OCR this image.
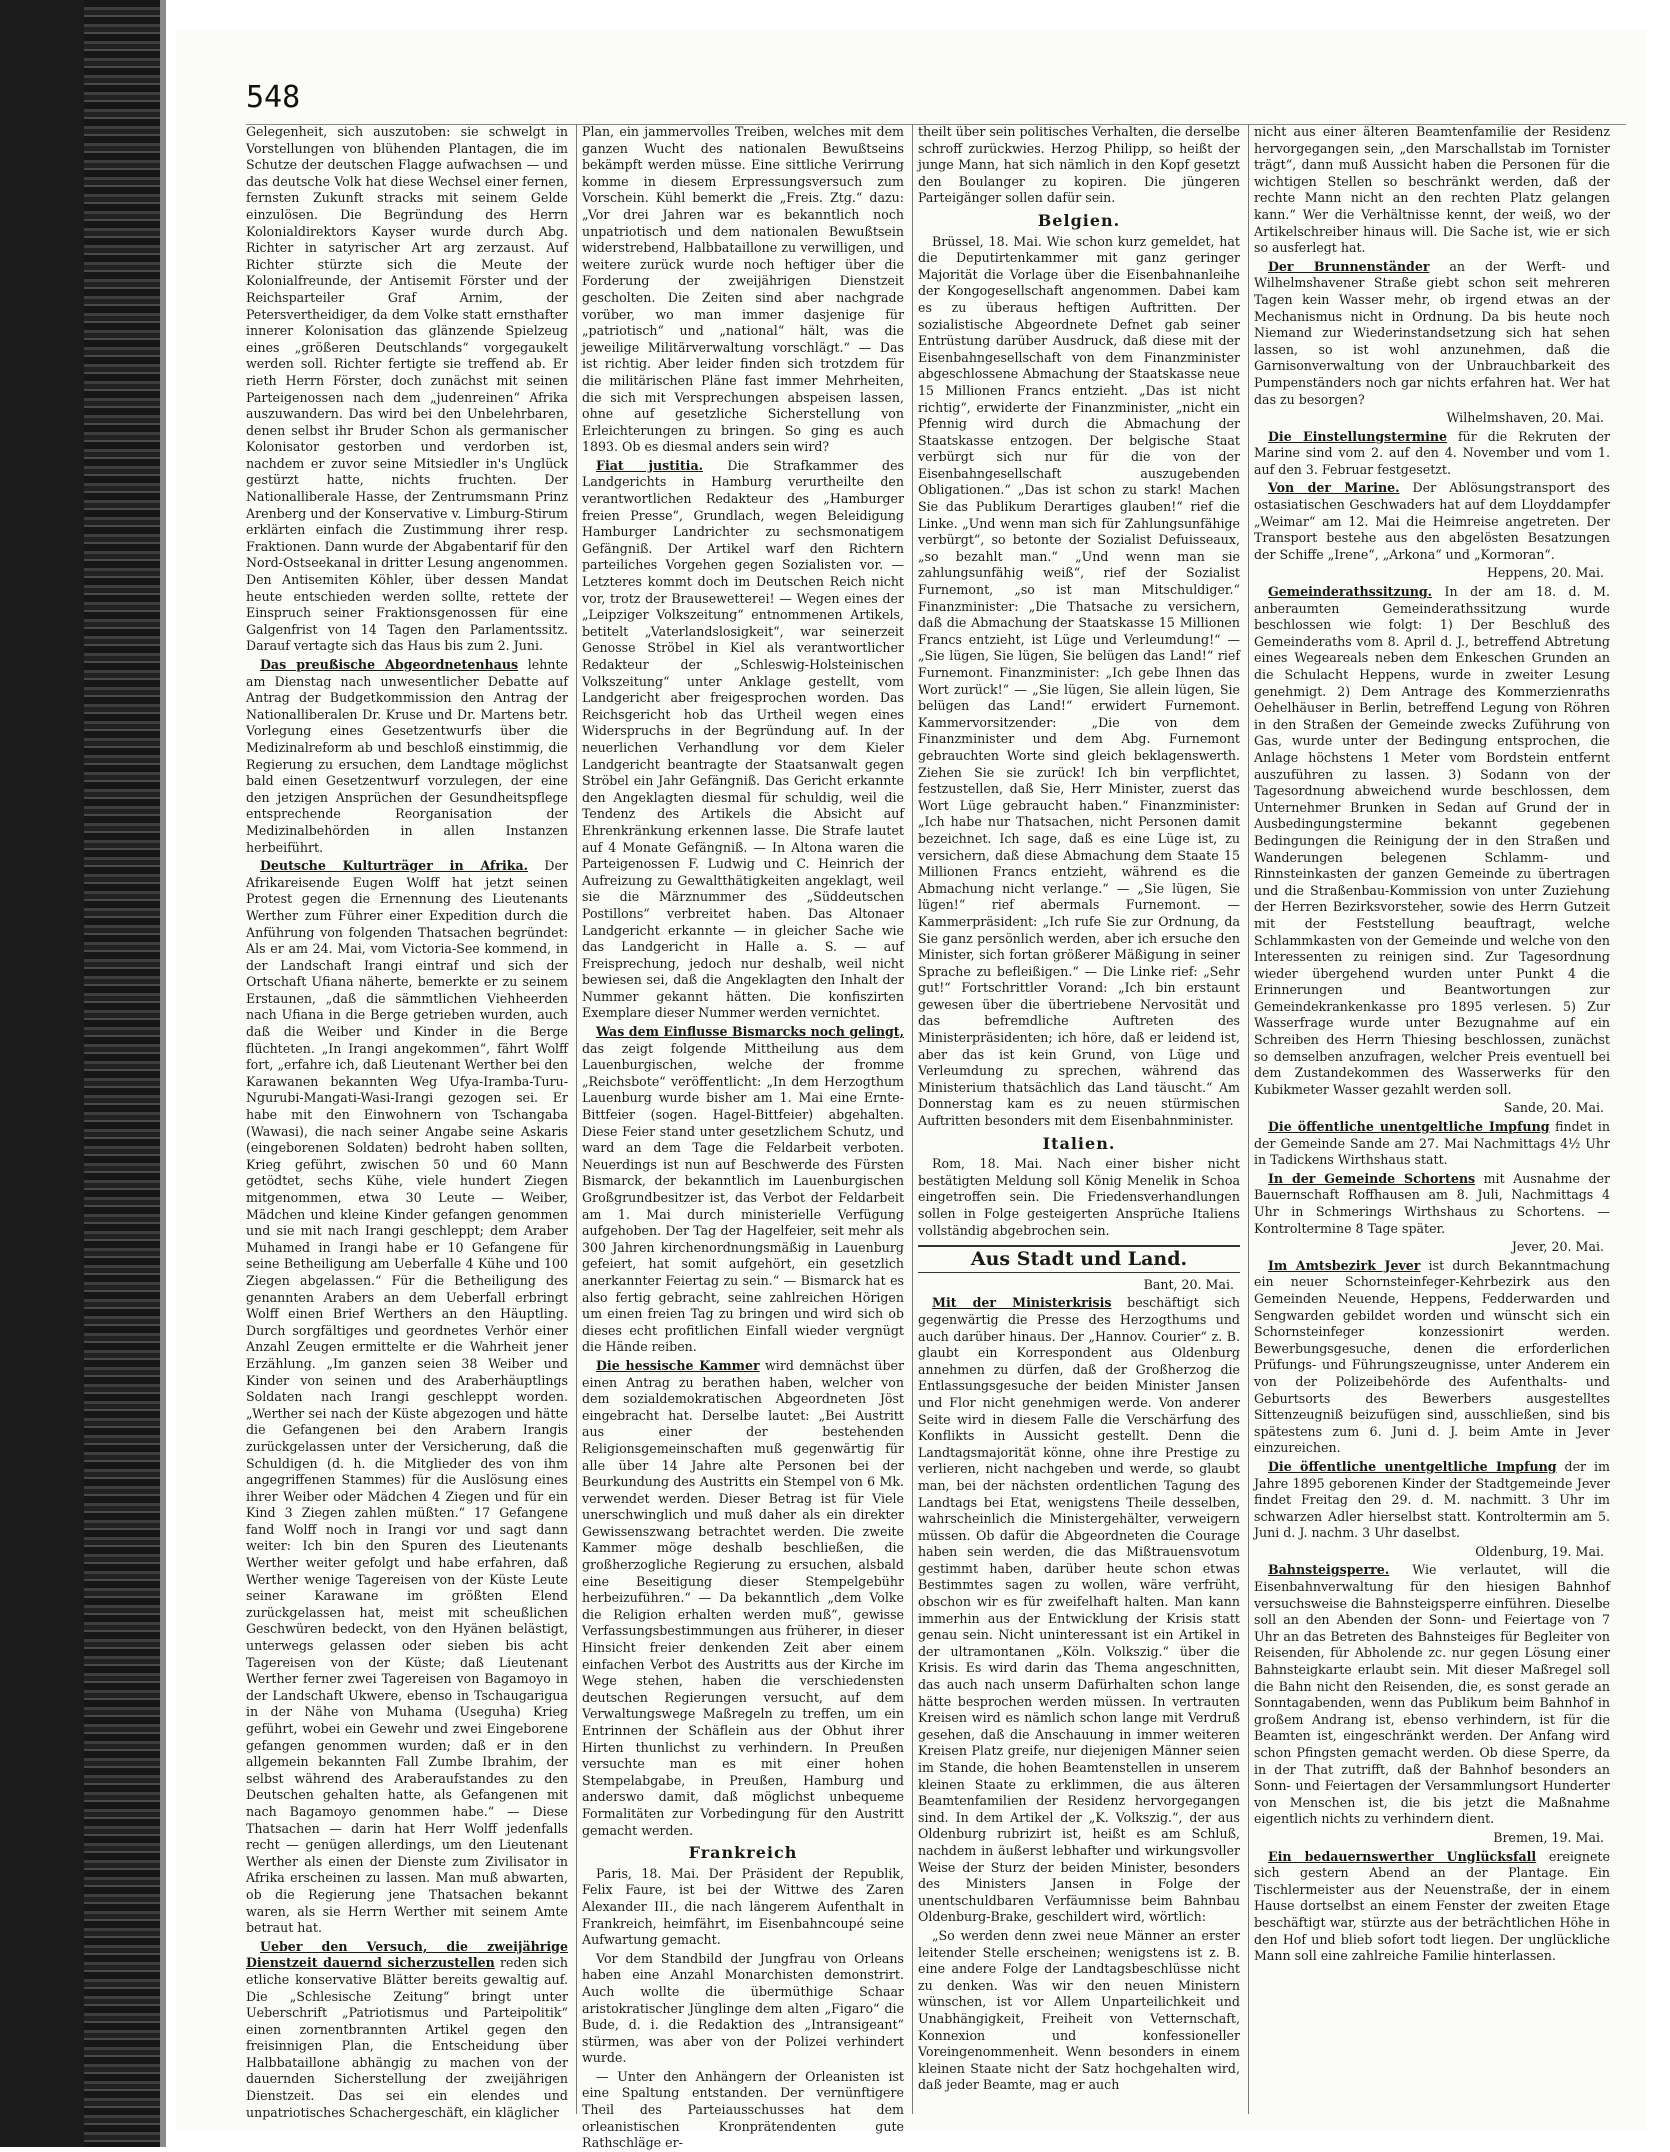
548

Gelegenheit, sich auszutoben: sie schwelgt in Vorstellungen von blühenden Plantagen, die im Schutze der deutschen Flagge aufwachsen — und das deutsche Volk hat diese Wechsel einer fernen, fernsten Zukunft stracks mit seinem Gelde einzulösen. Die Begründung des Herrn Kolonialdirektors Kayser wurde durch Abg. Richter in satyrischer Art arg zerzaust. Auf Richter stürzte sich die Meute der Kolonialfreunde, der Antisemit Förster und der Reichsparteiler Graf Arnim, der Petersvertheidiger, da dem Volke statt ernsthafter innerer Kolonisation das glänzende Spielzeug eines „größeren Deutschlands“ vorgegaukelt werden soll. Richter fertigte sie treffend ab. Er rieth Herrn Förster, doch zunächst mit seinen Parteigenossen nach dem „judenreinen“ Afrika auszuwandern. Das wird bei den Unbelehrbaren, denen selbst ihr Bruder Schon als germanischer Kolonisator gestorben und verdorben ist, nachdem er zuvor seine Mitsiedler in's Unglück gestürzt hatte, nichts fruchten. Der Nationalliberale Hasse, der Zentrumsmann Prinz Arenberg und der Konservative v. Limburg-Stirum erklärten einfach die Zustimmung ihrer resp. Fraktionen. Dann wurde der Abgabentarif für den Nord-Ostseekanal in dritter Lesung angenommen. Den Antisemiten Köhler, über dessen Mandat heute entschieden werden sollte, rettete der Einspruch seiner Fraktionsgenossen für eine Galgenfrist von 14 Tagen den Parlamentssitz. Darauf vertagte sich das Haus bis zum 2. Juni.

Das preußische Abgeordnetenhaus lehnte am Dienstag nach unwesentlicher Debatte auf Antrag der Budgetkommission den Antrag der Nationalliberalen Dr. Kruse und Dr. Martens betr. Vorlegung eines Gesetzentwurfs über die Medizinalreform ab und beschloß einstimmig, die Regierung zu ersuchen, dem Landtage möglichst bald einen Gesetzentwurf vorzulegen, der eine den jetzigen Ansprüchen der Gesundheitspflege entsprechende Reorganisation der Medizinalbehörden in allen Instanzen herbeiführt.

Deutsche Kulturträger in Afrika. Der Afrikareisende Eugen Wolff hat jetzt seinen Protest gegen die Ernennung des Lieutenants Werther zum Führer einer Expedition durch die Anführung von folgenden Thatsachen begründet: Als er am 24. Mai, vom Victoria-See kommend, in der Landschaft Irangi eintraf und sich der Ortschaft Ufiana näherte, bemerkte er zu seinem Erstaunen, „daß die sämmtlichen Viehheerden nach Ufiana in die Berge getrieben wurden, auch daß die Weiber und Kinder in die Berge flüchteten. „In Irangi angekommen“, fährt Wolff fort, „erfahre ich, daß Lieutenant Werther bei den Karawanen bekannten Weg Ufya-Iramba-Turu-Ngurubi-Mangati-Wasi-Irangi gezogen sei. Er habe mit den Einwohnern von Tschangaba (Wawasi), die nach seiner Angabe seine Askaris (eingeborenen Soldaten) bedroht haben sollten, Krieg geführt, zwischen 50 und 60 Mann getödtet, sechs Kühe, viele hundert Ziegen mitgenommen, etwa 30 Leute — Weiber, Mädchen und kleine Kinder gefangen genommen und sie mit nach Irangi geschleppt; dem Araber Muhamed in Irangi habe er 10 Gefangene für seine Betheiligung am Ueberfalle 4 Kühe und 100 Ziegen abgelassen.“ Für die Betheiligung des genannten Arabers an dem Ueberfall erbringt Wolff einen Brief Werthers an den Häuptling. Durch sorgfältiges und geordnetes Verhör einer Anzahl Zeugen ermittelte er die Wahrheit jener Erzählung. „Im ganzen seien 38 Weiber und Kinder von seinen und des Araberhäuptlings Soldaten nach Irangi geschleppt worden. „Werther sei nach der Küste abgezogen und hätte die Gefangenen bei den Arabern Irangis zurückgelassen unter der Versicherung, daß die Schuldigen (d. h. die Mitglieder des von ihm angegriffenen Stammes) für die Auslösung eines ihrer Weiber oder Mädchen 4 Ziegen und für ein Kind 3 Ziegen zahlen müßten.“ 17 Gefangene fand Wolff noch in Irangi vor und sagt dann weiter: Ich bin den Spuren des Lieutenants Werther weiter gefolgt und habe erfahren, daß Werther wenige Tagereisen von der Küste Leute seiner Karawane im größten Elend zurückgelassen hat, meist mit scheußlichen Geschwüren bedeckt, von den Hyänen belästigt, unterwegs gelassen oder sieben bis acht Tagereisen von der Küste; daß Lieutenant Werther ferner zwei Tagereisen von Bagamoyo in der Landschaft Ukwere, ebenso in Tschaugarigua in der Nähe von Muhama (Useguha) Krieg geführt, wobei ein Gewehr und zwei Eingeborene gefangen genommen wurden; daß er in den allgemein bekannten Fall Zumbe Ibrahim, der selbst während des Araberaufstandes zu den Deutschen gehalten hatte, als Gefangenen mit nach Bagamoyo genommen habe.“ — Diese Thatsachen — darin hat Herr Wolff jedenfalls recht — genügen allerdings, um den Lieutenant Werther als einen der Dienste zum Zivilisator in Afrika erscheinen zu lassen. Man muß abwarten, ob die Regierung jene Thatsachen bekannt waren, als sie Herrn Werther mit seinem Amte betraut hat.

Ueber den Versuch, die zweijährige Dienstzeit dauernd sicherzustellen reden sich etliche konservative Blätter bereits gewaltig auf. Die „Schlesische Zeitung“ bringt unter Ueberschrift „Patriotismus und Parteipolitik“ einen zornentbrannten Artikel gegen den freisinnigen Plan, die Entscheidung über Halbbataillone abhängig zu machen von der dauernden Sicherstellung der zweijährigen Dienstzeit. Das sei ein elendes und unpatriotisches Schachergeschäft, ein kläglicher

Plan, ein jammervolles Treiben, welches mit dem ganzen Wucht des nationalen Bewußtseins bekämpft werden müsse. Eine sittliche Verirrung komme in diesem Erpressungsversuch zum Vorschein. Kühl bemerkt die „Freis. Ztg.“ dazu: „Vor drei Jahren war es bekanntlich noch unpatriotisch und dem nationalen Bewußtsein widerstrebend, Halbbataillone zu verwilligen, und weitere zurück wurde noch heftiger über die Forderung der zweijährigen Dienstzeit gescholten. Die Zeiten sind aber nachgrade vorüber, wo man immer dasjenige für „patriotisch“ und „national“ hält, was die jeweilige Militärverwaltung vorschlägt.“ — Das ist richtig. Aber leider finden sich trotzdem für die militärischen Pläne fast immer Mehrheiten, die sich mit Versprechungen abspeisen lassen, ohne auf gesetzliche Sicherstellung von Erleichterungen zu bringen. So ging es auch 1893. Ob es diesmal anders sein wird?

Fiat justitia. Die Strafkammer des Landgerichts in Hamburg verurtheilte den verantwortlichen Redakteur des „Hamburger freien Presse“, Grundlach, wegen Beleidigung Hamburger Landrichter zu sechsmonatigem Gefängniß. Der Artikel warf den Richtern parteiliches Vorgehen gegen Sozialisten vor. — Letzteres kommt doch im Deutschen Reich nicht vor, trotz der Brausewetterei! — Wegen eines der „Leipziger Volkszeitung“ entnommenen Artikels, betitelt „Vaterlandslosigkeit“, war seinerzeit Genosse Ströbel in Kiel als verantwortlicher Redakteur der „Schleswig-Holsteinischen Volkszeitung“ unter Anklage gestellt, vom Landgericht aber freigesprochen worden. Das Reichsgericht hob das Urtheil wegen eines Widerspruchs in der Begründung auf. In der neuerlichen Verhandlung vor dem Kieler Landgericht beantragte der Staatsanwalt gegen Ströbel ein Jahr Gefängniß. Das Gericht erkannte den Angeklagten diesmal für schuldig, weil die Tendenz des Artikels die Absicht auf Ehrenkränkung erkennen lasse. Die Strafe lautet auf 4 Monate Gefängniß. — In Altona waren die Parteigenossen F. Ludwig und C. Heinrich der Aufreizung zu Gewaltthätigkeiten angeklagt, weil sie die Märznummer des „Süddeutschen Postillons“ verbreitet haben. Das Altonaer Landgericht erkannte — in gleicher Sache wie das Landgericht in Halle a. S. — auf Freisprechung, jedoch nur deshalb, weil nicht bewiesen sei, daß die Angeklagten den Inhalt der Nummer gekannt hätten. Die konfiszirten Exemplare dieser Nummer werden vernichtet.

Was dem Einflusse Bismarcks noch gelingt, das zeigt folgende Mittheilung aus dem Lauenburgischen, welche der fromme „Reichsbote“ veröffentlicht: „In dem Herzogthum Lauenburg wurde bisher am 1. Mai eine Ernte-Bittfeier (sogen. Hagel-Bittfeier) abgehalten. Diese Feier stand unter gesetzlichem Schutz, und ward an dem Tage die Feldarbeit verboten. Neuerdings ist nun auf Beschwerde des Fürsten Bismarck, der bekanntlich im Lauenburgischen Großgrundbesitzer ist, das Verbot der Feldarbeit am 1. Mai durch ministerielle Verfügung aufgehoben. Der Tag der Hagelfeier, seit mehr als 300 Jahren kirchenordnungsmäßig in Lauenburg gefeiert, hat somit aufgehört, ein gesetzlich anerkannter Feiertag zu sein.“ — Bismarck hat es also fertig gebracht, seine zahlreichen Hörigen um einen freien Tag zu bringen und wird sich ob dieses echt profitlichen Einfall wieder vergnügt die Hände reiben.

Die hessische Kammer wird demnächst über einen Antrag zu berathen haben, welcher von dem sozialdemokratischen Abgeordneten Jöst eingebracht hat. Derselbe lautet: „Bei Austritt aus einer der bestehenden Religionsgemeinschaften muß gegenwärtig für alle über 14 Jahre alte Personen bei der Beurkundung des Austritts ein Stempel von 6 Mk. verwendet werden. Dieser Betrag ist für Viele unerschwinglich und muß daher als ein direkter Gewissenszwang betrachtet werden. Die zweite Kammer möge deshalb beschließen, die großherzogliche Regierung zu ersuchen, alsbald eine Beseitigung dieser Stempelgebühr herbeizuführen.“ — Da bekanntlich „dem Volke die Religion erhalten werden muß“, gewisse Verfassungsbestimmungen aus früherer, in dieser Hinsicht freier denkenden Zeit aber einem einfachen Verbot des Austritts aus der Kirche im Wege stehen, haben die verschiedensten deutschen Regierungen versucht, auf dem Verwaltungswege Maßregeln zu treffen, um ein Entrinnen der Schäflein aus der Obhut ihrer Hirten thunlichst zu verhindern. In Preußen versuchte man es mit einer hohen Stempelabgabe, in Preußen, Hamburg und anderswo damit, daß möglichst unbequeme Formalitäten zur Vorbedingung für den Austritt gemacht werden.

Frankreich

Paris, 18. Mai. Der Präsident der Republik, Felix Faure, ist bei der Wittwe des Zaren Alexander III., die nach längerem Aufenthalt in Frankreich, heimfährt, im Eisenbahncoupé seine Aufwartung gemacht.

Vor dem Standbild der Jungfrau von Orleans haben eine Anzahl Monarchisten demonstrirt. Auch wollte die übermüthige Schaar aristokratischer Jünglinge dem alten „Figaro“ die Bude, d. i. die Redaktion des „Intransigeant“ stürmen, was aber von der Polizei verhindert wurde.

— Unter den Anhängern der Orleanisten ist eine Spaltung entstanden. Der vernünftigere Theil des Parteiausschusses hat dem orleanistischen Kronprätendenten gute Rathschläge er-

theilt über sein politisches Verhalten, die derselbe schroff zurückwies. Herzog Philipp, so heißt der junge Mann, hat sich nämlich in den Kopf gesetzt den Boulanger zu kopiren. Die jüngeren Parteigänger sollen dafür sein.

Belgien.

Brüssel, 18. Mai. Wie schon kurz gemeldet, hat die Deputirtenkammer mit ganz geringer Majorität die Vorlage über die Eisenbahnanleihe der Kongogesellschaft angenommen. Dabei kam es zu überaus heftigen Auftritten. Der sozialistische Abgeordnete Defnet gab seiner Entrüstung darüber Ausdruck, daß diese mit der Eisenbahngesellschaft von dem Finanzminister abgeschlossene Abmachung der Staatskasse neue 15 Millionen Francs entzieht. „Das ist nicht richtig“, erwiderte der Finanzminister, „nicht ein Pfennig wird durch die Abmachung der Staatskasse entzogen. Der belgische Staat verbürgt sich nur für die von der Eisenbahngesellschaft auszugebenden Obligationen.“ „Das ist schon zu stark! Machen Sie das Publikum Derartiges glauben!“ rief die Linke. „Und wenn man sich für Zahlungsunfähige verbürgt“, so betonte der Sozialist Defuisseaux, „so bezahlt man.“ „Und wenn man sie zahlungsunfähig weiß“, rief der Sozialist Furnemont, „so ist man Mitschuldiger.“ Finanzminister: „Die Thatsache zu versichern, daß die Abmachung der Staatskasse 15 Millionen Francs entzieht, ist Lüge und Verleumdung!“ — „Sie lügen, Sie lügen, Sie belügen das Land!“ rief Furnemont. Finanzminister: „Ich gebe Ihnen das Wort zurück!“ — „Sie lügen, Sie allein lügen, Sie belügen das Land!“ erwidert Furnemont. Kammervorsitzender: „Die von dem Finanzminister und dem Abg. Furnemont gebrauchten Worte sind gleich beklagenswerth. Ziehen Sie sie zurück! Ich bin verpflichtet, festzustellen, daß Sie, Herr Minister, zuerst das Wort Lüge gebraucht haben.“ Finanzminister: „Ich habe nur Thatsachen, nicht Personen damit bezeichnet. Ich sage, daß es eine Lüge ist, zu versichern, daß diese Abmachung dem Staate 15 Millionen Francs entzieht, während es die Abmachung nicht verlange.“ — „Sie lügen, Sie lügen!“ rief abermals Furnemont. — Kammerpräsident: „Ich rufe Sie zur Ordnung, da Sie ganz persönlich werden, aber ich ersuche den Minister, sich fortan größerer Mäßigung in seiner Sprache zu befleißigen.“ — Die Linke rief: „Sehr gut!“ Fortschrittler Vorand: „Ich bin erstaunt gewesen über die übertriebene Nervosität und das befremdliche Auftreten des Ministerpräsidenten; ich höre, daß er leidend ist, aber das ist kein Grund, von Lüge und Verleumdung zu sprechen, während das Ministerium thatsächlich das Land täuscht.“ Am Donnerstag kam es zu neuen stürmischen Auftritten besonders mit dem Eisenbahnminister.

Italien.

Rom, 18. Mai. Nach einer bisher nicht bestätigten Meldung soll König Menelik in Schoa eingetroffen sein. Die Friedensverhandlungen sollen in Folge gesteigerten Ansprüche Italiens vollständig abgebrochen sein.

Aus Stadt und Land.
Bant, 20. Mai.

Mit der Ministerkrisis beschäftigt sich gegenwärtig die Presse des Herzogthums und auch darüber hinaus. Der „Hannov. Courier“ z. B. glaubt ein Korrespondent aus Oldenburg annehmen zu dürfen, daß der Großherzog die Entlassungsgesuche der beiden Minister Jansen und Flor nicht genehmigen werde. Von anderer Seite wird in diesem Falle die Verschärfung des Konflikts in Aussicht gestellt. Denn die Landtagsmajorität könne, ohne ihre Prestige zu verlieren, nicht nachgeben und werde, so glaubt man, bei der nächsten ordentlichen Tagung des Landtags bei Etat, wenigstens Theile desselben, wahrscheinlich die Ministergehälter, verweigern müssen. Ob dafür die Abgeordneten die Courage haben sein werden, die das Mißtrauensvotum gestimmt haben, darüber heute schon etwas Bestimmtes sagen zu wollen, wäre verfrüht, obschon wir es für zweifelhaft halten. Man kann immerhin aus der Entwicklung der Krisis statt genau sein. Nicht uninteressant ist ein Artikel in der ultramontanen „Köln. Volkszig.“ über die Krisis. Es wird darin das Thema angeschnitten, das auch nach unserm Dafürhalten schon lange hätte besprochen werden müssen. In vertrauten Kreisen wird es nämlich schon lange mit Verdruß gesehen, daß die Anschauung in immer weiteren Kreisen Platz greife, nur diejenigen Männer seien im Stande, die hohen Beamtenstellen in unserem kleinen Staate zu erklimmen, die aus älteren Beamtenfamilien der Residenz hervorgegangen sind. In dem Artikel der „K. Volkszig.“, der aus Oldenburg rubrizirt ist, heißt es am Schluß, nachdem in äußerst lebhafter und wirkungsvoller Weise der Sturz der beiden Minister, besonders des Ministers Jansen in Folge der unentschuldbaren Verfäumnisse beim Bahnbau Oldenburg-Brake, geschildert wird, wörtlich:

„So werden denn zwei neue Männer an erster leitender Stelle erscheinen; wenigstens ist z. B. eine andere Folge der Landtagsbeschlüsse nicht zu denken. Was wir den neuen Ministern wünschen, ist vor Allem Unparteilichkeit und Unabhängigkeit, Freiheit von Vetternschaft, Konnexion und konfessioneller Voreingenommenheit. Wenn besonders in einem kleinen Staate nicht der Satz hochgehalten wird, daß jeder Beamte, mag er auch

nicht aus einer älteren Beamtenfamilie der Residenz hervorgegangen sein, „den Marschallstab im Tornister trägt“, dann muß Aussicht haben die Personen für die wichtigen Stellen so beschränkt werden, daß der rechte Mann nicht an den rechten Platz gelangen kann.“ Wer die Verhältnisse kennt, der weiß, wo der Artikelschreiber hinaus will. Die Sache ist, wie er sich so ausferlegt hat.

Der Brunnenständer an der Werft- und Wilhelmshavener Straße giebt schon seit mehreren Tagen kein Wasser mehr, ob irgend etwas an der Mechanismus nicht in Ordnung. Da bis heute noch Niemand zur Wiederinstandsetzung sich hat sehen lassen, so ist wohl anzunehmen, daß die Garnisonverwaltung von der Unbrauchbarkeit des Pumpenständers noch gar nichts erfahren hat. Wer hat das zu besorgen?

Wilhelmshaven, 20. Mai.

Die Einstellungstermine für die Rekruten der Marine sind vom 2. auf den 4. November und vom 1. auf den 3. Februar festgesetzt.

Von der Marine. Der Ablösungstransport des ostasiatischen Geschwaders hat auf dem Lloyddampfer „Weimar“ am 12. Mai die Heimreise angetreten. Der Transport bestehe aus den abgelösten Besatzungen der Schiffe „Irene“, „Arkona“ und „Kormoran“.

Heppens, 20. Mai.

Gemeinderathssitzung. In der am 18. d. M. anberaumten Gemeinderathssitzung wurde beschlossen wie folgt: 1) Der Beschluß des Gemeinderaths vom 8. April d. J., betreffend Abtretung eines Wegeareals neben dem Enkeschen Grunden an die Schulacht Heppens, wurde in zweiter Lesung genehmigt. 2) Dem Antrage des Kommerzienraths Oehelhäuser in Berlin, betreffend Legung von Röhren in den Straßen der Gemeinde zwecks Zuführung von Gas, wurde unter der Bedingung entsprochen, die Anlage höchstens 1 Meter vom Bordstein entfernt auszuführen zu lassen. 3) Sodann von der Tagesordnung abweichend wurde beschlossen, dem Unternehmer Brunken in Sedan auf Grund der in Ausbedingungstermine bekannt gegebenen Bedingungen die Reinigung der in den Straßen und Wanderungen belegenen Schlamm- und Rinnsteinkasten der ganzen Gemeinde zu übertragen und die Straßenbau-Kommission von unter Zuziehung der Herren Bezirksvorsteher, sowie des Herrn Gutzeit mit der Feststellung beauftragt, welche Schlammkasten von der Gemeinde und welche von den Interessenten zu reinigen sind. Zur Tagesordnung wieder übergehend wurden unter Punkt 4 die Erinnerungen und Beantwortungen zur Gemeindekrankenkasse pro 1895 verlesen. 5) Zur Wasserfrage wurde unter Bezugnahme auf ein Schreiben des Herrn Thiesing beschlossen, zunächst so demselben anzufragen, welcher Preis eventuell bei dem Zustandekommen des Wasserwerks für den Kubikmeter Wasser gezahlt werden soll.

Sande, 20. Mai.

Die öffentliche unentgeltliche Impfung findet in der Gemeinde Sande am 27. Mai Nachmittags 4½ Uhr in Tadickens Wirthshaus statt.

In der Gemeinde Schortens mit Ausnahme der Bauernschaft Roffhausen am 8. Juli, Nachmittags 4 Uhr in Schmerings Wirthshaus zu Schortens. — Kontroltermine 8 Tage später.

Jever, 20. Mai.

Im Amtsbezirk Jever ist durch Bekanntmachung ein neuer Schornsteinfeger-Kehrbezirk aus den Gemeinden Neuende, Heppens, Fedderwarden und Sengwarden gebildet worden und wünscht sich ein Schornsteinfeger konzessionirt werden. Bewerbungsgesuche, denen die erforderlichen Prüfungs- und Führungszeugnisse, unter Anderem ein von der Polizeibehörde des Aufenthalts- und Geburtsorts des Bewerbers ausgestelltes Sittenzeugniß beizufügen sind, ausschließen, sind bis spätestens zum 6. Juni d. J. beim Amte in Jever einzureichen.

Die öffentliche unentgeltliche Impfung der im Jahre 1895 geborenen Kinder der Stadtgemeinde Jever findet Freitag den 29. d. M. nachmitt. 3 Uhr im schwarzen Adler hierselbst statt. Kontroltermin am 5. Juni d. J. nachm. 3 Uhr daselbst.

Oldenburg, 19. Mai.

Bahnsteigsperre. Wie verlautet, will die Eisenbahnverwaltung für den hiesigen Bahnhof versuchsweise die Bahnsteigsperre einführen. Dieselbe soll an den Abenden der Sonn- und Feiertage von 7 Uhr an das Betreten des Bahnsteiges für Begleiter von Reisenden, für Abholende zc. nur gegen Lösung einer Bahnsteigkarte erlaubt sein. Mit dieser Maßregel soll die Bahn nicht den Reisenden, die, es sonst gerade an Sonntagabenden, wenn das Publikum beim Bahnhof in großem Andrang ist, ebenso verhindern, ist für die Beamten ist, eingeschränkt werden. Der Anfang wird schon Pfingsten gemacht werden. Ob diese Sperre, da in der That zutrifft, daß der Bahnhof besonders an Sonn- und Feiertagen der Versammlungsort Hunderter von Menschen ist, die bis jetzt die Maßnahme eigentlich nichts zu verhindern dient.

Bremen, 19. Mai.

Ein bedauernswerther Unglücksfall ereignete sich gestern Abend an der Plantage. Ein Tischlermeister aus der Neuenstraße, der in einem Hause dortselbst an einem Fenster der zweiten Etage beschäftigt war, stürzte aus der beträchtlichen Höhe in den Hof und blieb sofort todt liegen. Der unglückliche Mann soll eine zahlreiche Familie hinterlassen.
